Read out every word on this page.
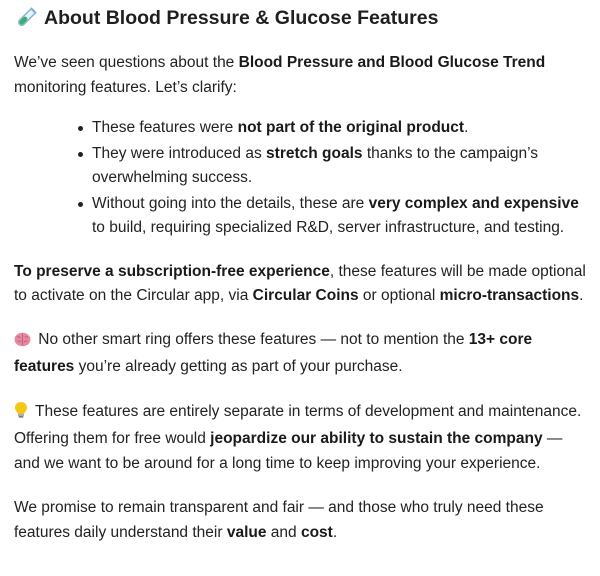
About Blood Pressure & Glucose Features

We’ve seen questions about the Blood Pressure and Blood Glucose Trend monitoring features. Let’s clarify:

These features were not part of the original product.
They were introduced as stretch goals thanks to the campaign’s overwhelming success.
Without going into the details, these are very complex and expensive to build, requiring specialized R&D, server infrastructure, and testing.

To preserve a subscription-free experience, these features will be made optional to activate on the Circular app, via Circular Coins or optional micro-transactions.

No other smart ring offers these features — not to mention the 13+ core features you’re already getting as part of your purchase.

These features are entirely separate in terms of development and maintenance. Offering them for free would jeopardize our ability to sustain the company — and we want to be around for a long time to keep improving your experience.

We promise to remain transparent and fair — and those who truly need these features daily understand their value and cost.
